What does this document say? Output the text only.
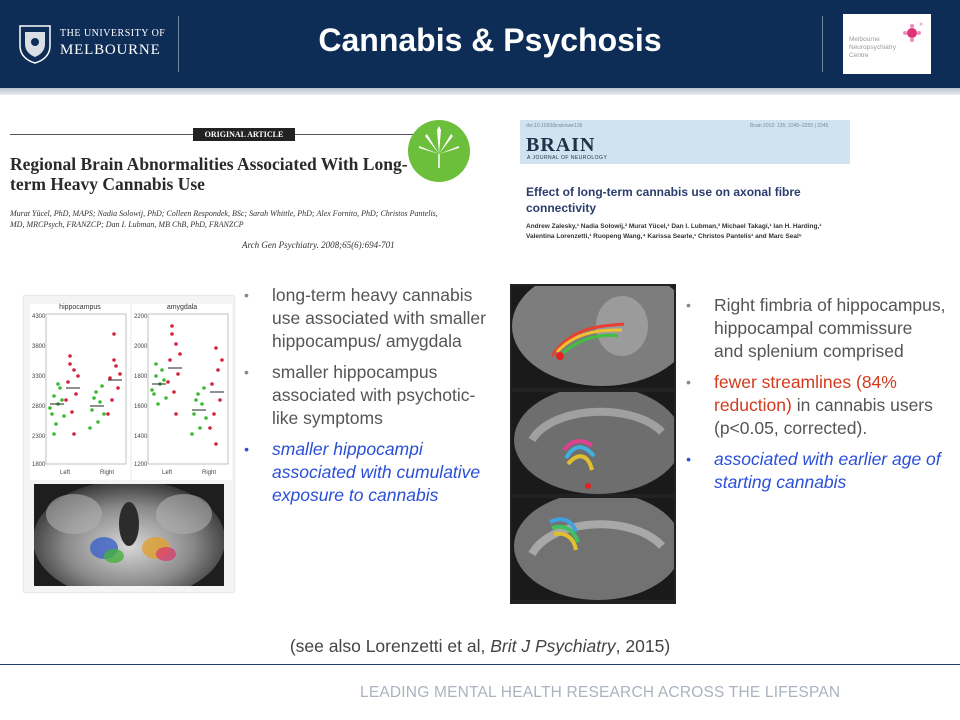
THE UNIVERSITY OF
MELBOURNE	Cannabis & Psychosis	Melbourne
Neuropsychiatry
Centre
ORIGINAL ARTICLE
Regional Brain Abnormalities Associated With Long-term Heavy Cannabis Use
Murat Yücel, PhD, MAPS; Nadia Solowij, PhD; Colleen Respondek, BSc; Sarah Whittle, PhD; Alex Fornito, PhD; Christos Pantelis, MD, MRCPsych, FRANZCP; Dan I. Lubman, MB ChB, PhD, FRANZCP
Arch Gen Psychiatry. 2008;65(6):694-701
doi:10.1093/brain/awr136	Brain 2012: 135; 2245–2255 | 2245
BRAIN
A JOURNAL OF NEUROLOGY
Effect of long-term cannabis use on axonal fibre connectivity
Andrew Zalesky,¹ Nadia Solowij,² Murat Yücel,¹ Dan I. Lubman,³ Michael Takagi,¹ Ian H. Harding,¹ Valentina Lorenzetti,¹ Ruopeng Wang,⁴ Karissa Searle,¹ Christos Pantelis¹ and Marc Seal⁵
hippocampus
4300
3800
3300
2800
2300
1800
Left	Right
amygdala
2200
2000
1800
1600
1400
1200
Left	Right
• long-term heavy cannabis use associated with smaller hippocampus/ amygdala
• smaller hippocampus associated with psychotic-like symptoms
• smaller hippocampi associated with cumulative exposure to cannabis
• Right fimbria of hippocampus, hippocampal commissure and splenium comprised
• fewer streamlines (84% reduction) in cannabis users (p<0.05, corrected).
• associated with earlier age of starting cannabis
(see also Lorenzetti et al, Brit J Psychiatry, 2015)
LEADING MENTAL HEALTH RESEARCH ACROSS THE LIFESPAN
